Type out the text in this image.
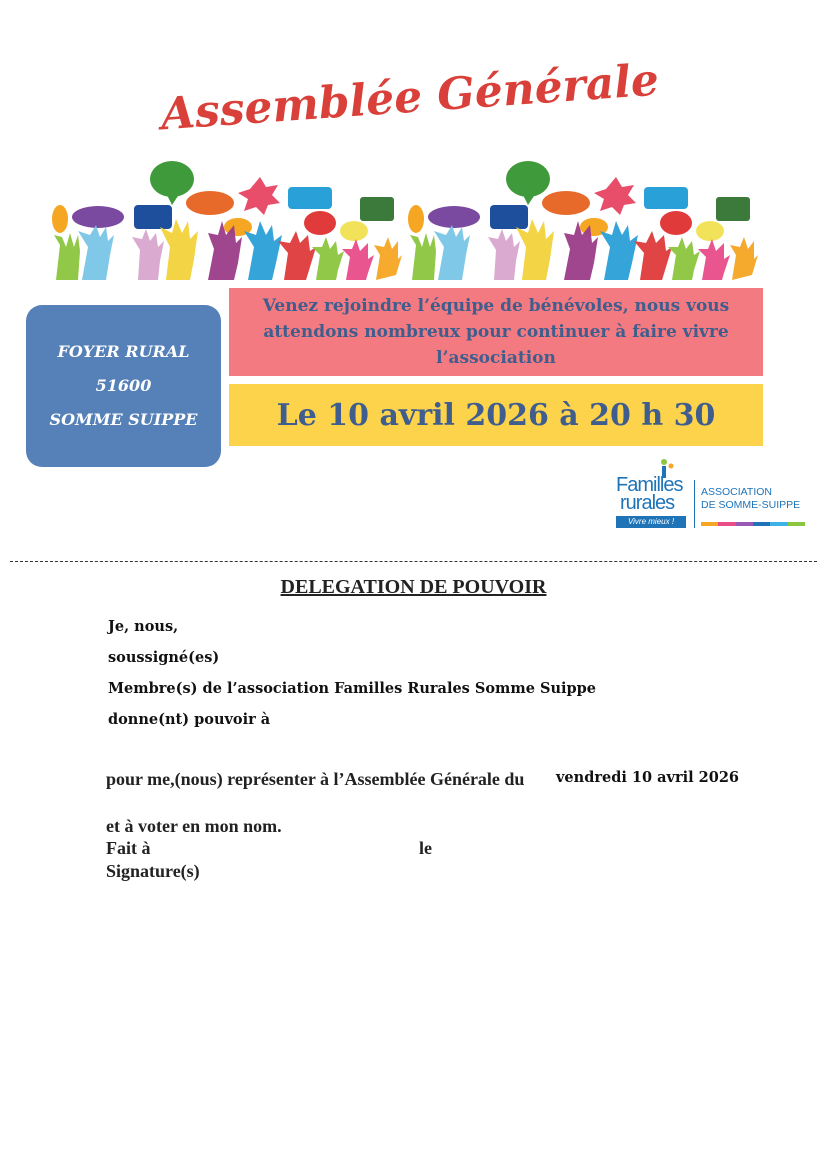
Assemblée Générale
FOYER RURAL
51600
SOMME SUIPPE
Venez rejoindre l’équipe de bénévoles, nous vous
attendons nombreux pour continuer à faire vivre
l’association
Le 10 avril 2026 à 20 h 30
Familles
rurales
Vivre mieux !
ASSOCIATION
DE SOMME-SUIPPE
DELEGATION DE POUVOIR
Je, nous,
soussigné(es)
Membre(s) de l’association Familles Rurales Somme Suippe
donne(nt) pouvoir à
pour me,(nous) représenter à l’Assemblée Générale du vendredi 10 avril 2026
et à voter en mon nom.
Fait à	le
Signature(s)
